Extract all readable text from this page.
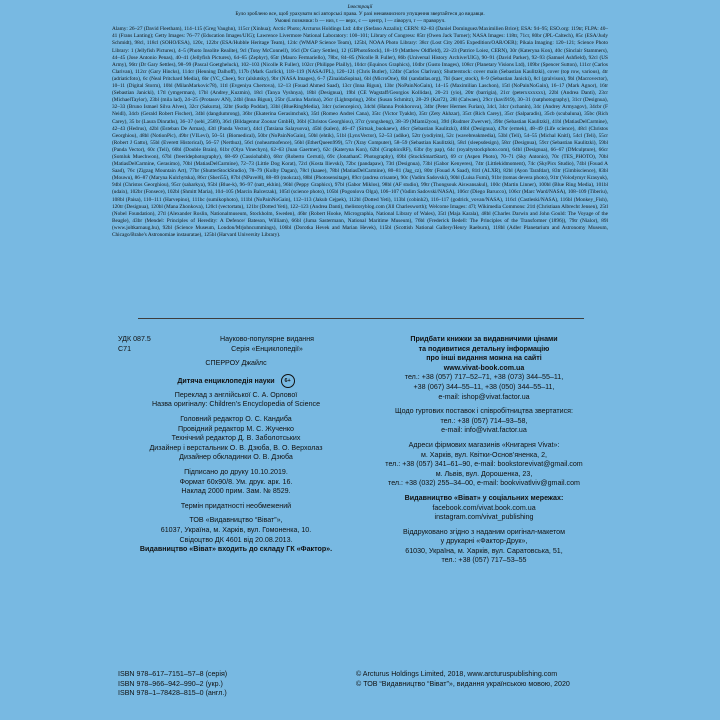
Ілюстрації
Було зроблено все, щоб урахувати всі авторські права. У разі ненавмисного упущення звертайтеся до видавця.
Умовні позначки: b — низ, t — верх, c — центр, l — ліворуч, r — праворуч.
Alamy: 26–27 (David Fleetham), 114–115 (Greg Vaughn), 115cr (Xinhua); Arctic Photo; Arcturus Holdings Ltd: 44br (Stefano Azzalin); CERN: 82–83 (Daniel Dominguez/Maximilien Brice); ESA: 94–95; ESO.org: 119tr; FLPA: 40–41 (Frans Lanting); Getty Images: 76–77 (Education Images/UIG); Lawrence Livermore National Laboratory: 100–101; Library of Congress: 85tr (Owen Jack Turner); NASA Images: 118tr, 71cr, 80br (JPL-Caltech), 85c (ESA/Judy Schmidt), 98cl, 118cl (SOHO/ESA), 120c, 122br (ESA/Hubble Heritage Team), 124c (WMAP Science Team), 125bl, NOAA Photo Library: 38cr (Lost City 2005 Expedition/OAR/OER); Pikaia Imaging: 120–121; Science Photo Library: 1 (Jellyfish Pictures), 4–5 (Photo Insolite Realite), 9cl (Tony McConnell), 16cl (Dr Gary Settles), 12 (GIPhotoStock), 18–19 (Matthew Oldfield), 22–23 (Patrice Loiez, CERN), 30r (Kateryna Kon), 40c (Sinclair Stammers), 44–45 (Jose Antonio Penas), 40–41 (Jellyfish Pictures), 64–65 (Zephyr), 65tr (Mauro Fermariello), 78bc, 84–85 (Nicolle R Fuller), 86b (Universal History Archive/UIG), 90–91 (David Parker), 92–93 (Samuel Ashfield), 92cl (US Army), 96tr (Dr Gary Settles), 98–99 (Pascal Goetgheluck), 102–103 (Nicolle R Fuller), 102cr (Philippe Plailly), 104cr (Equinox Graphics), 104br (Gusto Images), 108cr (Planetary Visions Ltd), 109br (Spencer Sutton), 111cr (Carlos Clarivan), 112cr (Gary Hincks), 114cr (Henning Dalhoff), 117b (Mark Garlick), 118–119 (NASA/JPL), 120–121 (Chris Butler), 124br (Carlos Clarivan); Shutterstock: cover main (Sebastian Kaulitzki), cover (top row, various), 4tr (adriaticfoto), 6c (Neal Pritchard Media), 6br (YC_Chee), 9cr (alslutsky), 9br (NASA Images), 6–7 (ZinaidaSopina), 6bl (MicroOne), 6bl (sandatlas.org), 7bl (kaer_stock), 8–9 (Sebastian Janicki), 8cl (gralvison), 9bl (Macrovector), 10–11 (Digital Storm), 10bl (MilanMarkovic78), 11tl (Evgeniya Chertova), 12–13 (Fouad Ahmed Saad), 13cr (Inna Bigun), 13br (NoPainNoGain), 14–15 (Maximilian Laschon), 15tl (NoPainNoGain), 16–17 (Mark Agnor), 16tr (Sebastian Janicki), 17tl (ymgerman), 17bl (Andrey_Kuzmin), 18cl (Tanya Vyshnya), 18bl (Designua), 19bl (CE Wagstaff/Georgios Kollidas), 20–21 (yio), 20tr (barrigia), 21cr (peterxxxxxxx), 22bl (Andrea Danti), 23cr (MichaelTaylor), 23bl (mila lad), 24–25 (Protasov AN), 24bl (Inna Bigun), 25br (Larina Marina), 26cr (Lightspring), 26bc (Susan Schmitz), 28–29 (Kat72), 28l (Calwaes), 29cr (kavi919), 30–31 (natphotography), 31cr (Designua), 32–33 (Bruno Ismael Silva Alves), 32cr (Sakurra), 32br (Sudip Poddar), 33bl (BlueRingMedia), 34cr (sciencepics), 34cbl (Hanna Prokhorova), 34br (Peter Hermes Furian), 34cl, 34cr (xchanin), 34c (Andrey Armyagov), 34cbr (F Neidl), 34cb (Gerald Robert Fischer), 34bl (dangdumrong), 36br (Ekaterina Gerasimchuk), 35tl (Romeo Andrei Cana), 35tc (Victor Tyakht), 35tr (Zety Akhzar), 35ct (Rich Carey), 35cr (Salparadis), 35cb (scubaluna), 35bc (Rich Carey), 35 br (Laura Dinraths), 36–37 (sebi_2569), 36cl (Bildagentur Zoonar GmbH), 36bl (Christos Georghiou), 37cr (yongsheng), 38–39 (Miami2you), 39tl (Rudmer Zwerver), 39br (Sebastian Kaulitzki), 41bl (MatiasDelCarmine), 42–43 (Hedrus), 42bl (Esteban De Armas), 43tl (Panda Vector), 44cl (Tatsiana Salayuova), 45bl (kalen), 46–47 (Sirtsak_buokaew), 46cr (Sebastian Kaulitzki), 46bl (Designua), 47br (ermek), 48–49 (Life science), 48cl (Christos Georghiou), 48bl (NotionPic), 49br (VILevi), 50–51 (Biomedical), 50br (NoPainNoGain), 50bl (ehtik), 51bl (LynxVector), 52–53 (adike), 52tr (yodiyim), 52c (wavebreakmedia), 53bl (Teli), 54–55 (Michal Knitl), 54cl (Teli), 55cr (Robert J Gatto), 55bl (Everett Historical), 56–57 (Nerthuz), 56cl (noheartnofence), 56bl (EtherQueen999), 57r (Xray Computer), 58–59 (Sebastian Kaulitzki), 58cl (sleepsdesign), 58cr (Designua), 59cr (Sebastian Kaulitzki), 59bl (Panda Vector), 60c (Teli), 60bl (Double Brain), 61br (Olya Vinechyn), 62–63 (Juan Gaertner), 62c (Kateryna Kon), 62bl (GraphicsRF), 63br (by pap), 64c (royaltystockphoto.com), 64bl (Designua), 66–67 (DMculpture), 66cr (Somluk Muechwon), 67bl (freeridephotography), 68–69 (Cassiohabib), 68cr (Roberto Cerruti), 69c (JonathanC Photography), 69bl (StockSmartStart), 69 cr (Aspen Photo), 70–71 (Sky Antonio), 70c (TES_PHOTO), 70bl (MatiasDelCarmine, Gerasimo), 70bl (MatiasDelCarmine), 72–73 (Little Dog Korat), 72cl (Kosta Ilievski), 72bc (pandapaw), 73tl (Designua), 73bl (Gabor Kenyeres), 74tr (Littlekidmoment), 74c (SkyPics Studio), 74bl (Fouad A Saad), 76c (Zigzag Mountain Art), 77br (ShutterStockStudio), 78–79 (Kolby Dagan), 78cl (kaaee), 78bl (MatiasDelCarmine), 80–81 (Jag_cz), 80tr (Fouad A Saad), 81tl (ALXR), 82bl (Ayon Tarafdar), 83tr (Gimbiscience), 83bl (Mouwu), 86–87 (Maryna Kulchytska), 86cr (Sheri55), 87bl (NPavel8), 88–89 (mokcaz), 88bl (Photosensitage), 89cr (andrea crisante), 90c (Vadim Sadovski), 90bl (Luisa Fumi), 91br (tomas devera photo), 91tr (Volodymyr Krasyuk), 94bl (Christos Georghiou), 95cr (saharkya), 95bl (Blue-k), 96–97 (natt_ekhin), 96bl (Peppy Graphics), 97bl (Gabor Miklos), 98bl (AF studio), 99tr (Thongsouk Aiswansakul), 100c (Martin Linner), 100bl (Blue Ring Media), 101bl (udaix), 102br (Fonsece), 102bl (Shmitt Maria), 104–105 (Marcin Balcerzak), 105tl (science photo), 105bl (Pogonlova Olga), 106–107 (Vadim Sadovski/NASA), 106cr (Diego Barucco), 106cr (Marc Ward/NASA), 108–109 (Tiberiu), 108bl (Paisa), 110–111 (Harvepino), 111bc (sumikophoto), 111bl (NoPainNoGain), 112–113 (Jakub Cejpek), 112bl (Dotted Yeti), 113bl (cobinh2), 116–117 (godrick_vovan/NASA), 116cl (Castleski/NASA), 116bl (Monkey_Fish), 120tr (Designua), 120bl (Mana Zhonkova), 120cl (vectortatu), 121br (Dotted Yeti), 122–123 (Andrea Danti), thelistoryblog.com (Jill Charlesworth); Welcome Images: 47l; Wikimedia Commons: 21tl (Christiaan Albrecht Jensen), 25tl (Nobel Foundation), 27tl (Alexander Roslin, Nationalmuseum, Stockholm, Sweden), 46br (Robert Hooke, Micrographia, National Library of Wales), 35tl (Maja Karala), 48bl (Charles Darwin and John Gould: The Voyage of the Beagle), 43br (Mendel: Principles of Heredity: A Defence/ Bateson, William), 66bl (Juma Sastermann, National Maritime Museum), 76bl (Frederick Bedell: The Principles of the Transformer (1896)), 79tr (Nialor), 89l (www.joltkarnaug.hu), 92bl (Science Museum, London/Mrjohncummings), 106bl (Dorotka Hevek and Marian Hevek), 115bl (Scottish National Gallery/Henry Raeburn), 118bl (Adler Planetarium and Astronomy Museum, Chicago/Brahe's Astronomiae instauratae), 125bl (Harvard University Library).
УДК 087.5
С71
Науково-популярне видання
Серія «Енциклопедії»
СПЕРРОУ Джайлс
Дитяча енциклопедія науки 6+
Переклад з англійської С. А. Орлової
Назва оригіналу: Children’s Encyclopedia of Science
Головний редактор О. С. Кандиба
Провідний редактор М. С. Жученко
Технічний редактор Д. В. Заболотських
Дизайнер і верстальник О. В. Дзюба, В. О. Верхолаз
Дизайнер обкладинки О. В. Дзюба
Підписано до друку 10.10.2019.
Формат 60х90/8. Ум. друк. арк. 16.
Наклад 2000 прим. Зам. № 8529.
Термін придатності необмежений
ТОВ «Видавництво “Віват”»,
61037, Україна, м. Харків, вул. Гомоненка, 10.
Свідоцтво ДК 4601 від 20.08.2013.
Видавництво «Віват» входить до складу ГК «Фактор».
Придбати книжки за видавничими цінами
та подивитися детальну інформацію
про інші видання можна на сайті
www.vivat-book.com.ua
тел.: +38 (057) 717–52–71, +38 (073) 344–55–11,
+38 (067) 344–55–11, +38 (050) 344–55–11,
e-mail: ishop@vivat.factor.ua
Щодо гуртових поставок і співробітництва звертатися:
тел.: +38 (057) 714–93–58,
e-mail: info@vivat.factor.ua
Адреси фірмових магазинів «Книгарня Vivat»:
м. Харків, вул. Квітки-Основ’яненка, 2,
тел.: +38 (057) 341–61–90, e-mail: bookstorevivat@gmail.com
м. Львів, вул. Дорошенка, 23,
тел.: +38 (032) 255–34–00, e-mail: bookvivatlviv@gmail.com
Видавництво «Віват» у соціальних мережах:
facebook.com/vivat.book.com.ua
instagram.com/vivat_publishing
Віддруковано згідно з наданим оригінал-макетом
у друкарні «Фактор-Друк»,
61030, Україна, м. Харків, вул. Саратовська, 51,
тел.: +38 (057) 717–53–55
ISBN 978–617–7151–57–8 (серія)
ISBN 978–966–942–990–2 (укр.)
ISBN 978–1–78428–815–0 (англ.)
© Arcturus Holdings Limited, 2018, www.arcturuspublishing.com
© ТОВ “Видавництво “Віват”», видання українською мовою, 2020
